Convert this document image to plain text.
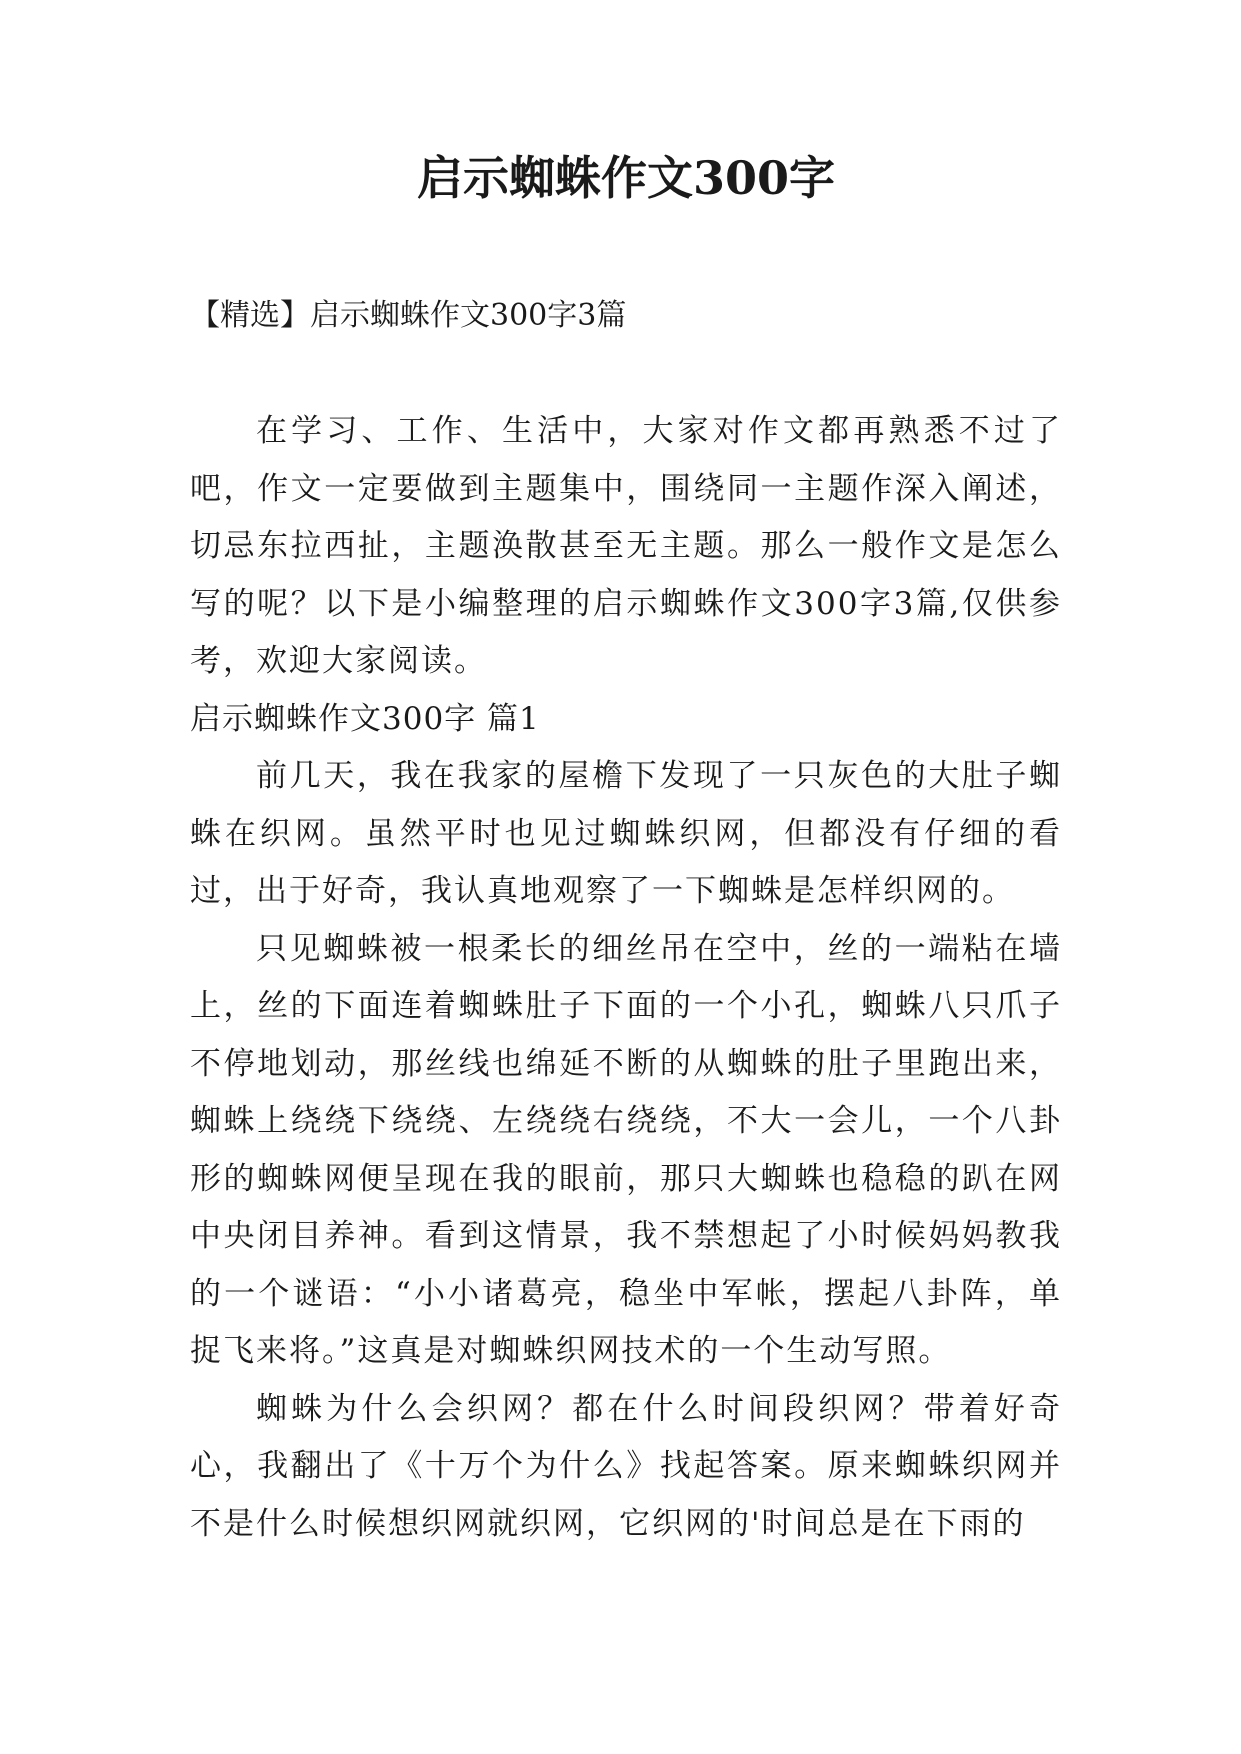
启示蜘蛛作文300字

【精选】启示蜘蛛作文300字3篇

在学习、工作、生活中，大家对作文都再熟悉不过了吧，作文一定要做到主题集中，围绕同一主题作深入阐述，切忌东拉西扯，主题涣散甚至无主题。那么一般作文是怎么写的呢？以下是小编整理的启示蜘蛛作文300字3篇,仅供参考，欢迎大家阅读。

启示蜘蛛作文300字 篇1

前几天，我在我家的屋檐下发现了一只灰色的大肚子蜘蛛在织网。虽然平时也见过蜘蛛织网，但都没有仔细的看过，出于好奇，我认真地观察了一下蜘蛛是怎样织网的。

只见蜘蛛被一根柔长的细丝吊在空中，丝的一端粘在墙上，丝的下面连着蜘蛛肚子下面的一个小孔，蜘蛛八只爪子不停地划动，那丝线也绵延不断的从蜘蛛的肚子里跑出来，蜘蛛上绕绕下绕绕、左绕绕右绕绕，不大一会儿，一个八卦形的蜘蛛网便呈现在我的眼前，那只大蜘蛛也稳稳的趴在网中央闭目养神。看到这情景，我不禁想起了小时候妈妈教我的一个谜语：“小小诸葛亮，稳坐中军帐，摆起八卦阵，单捉飞来将。”这真是对蜘蛛织网技术的一个生动写照。

蜘蛛为什么会织网？都在什么时间段织网？带着好奇心，我翻出了《十万个为什么》找起答案。原来蜘蛛织网并不是什么时候想织网就织网，它织网的'时间总是在下雨的
